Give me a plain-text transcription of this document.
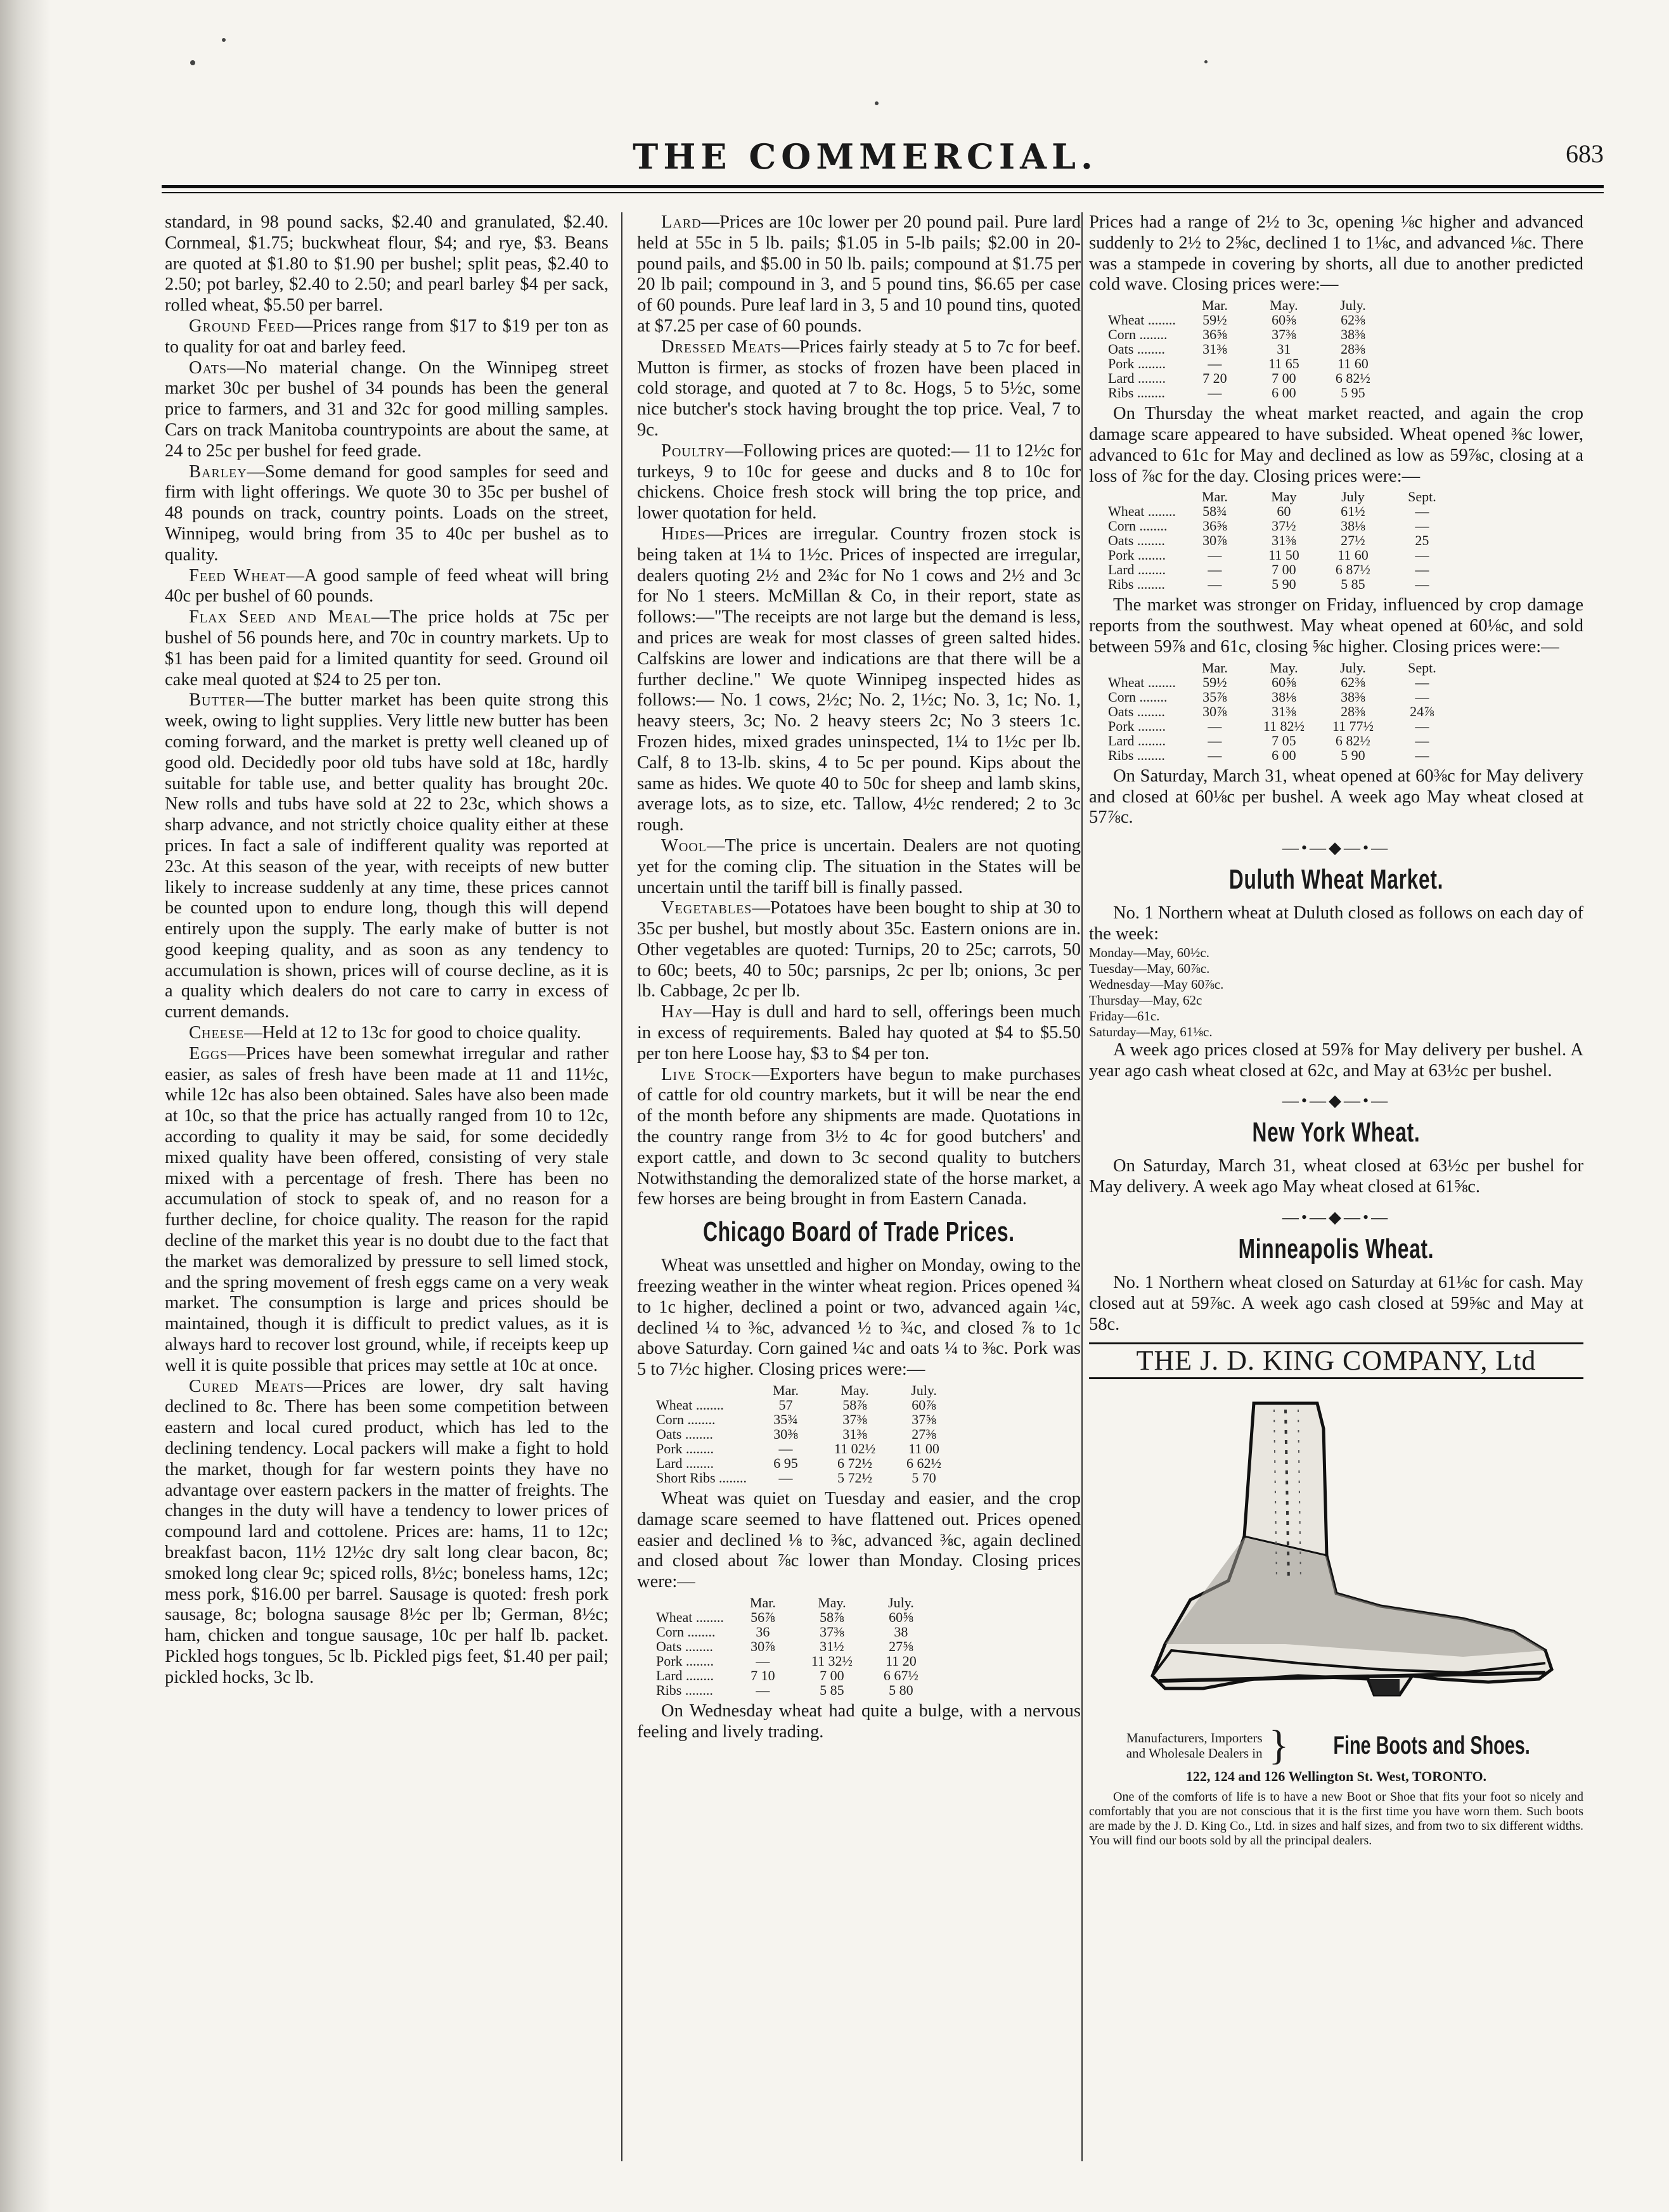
THE COMMERCIAL.	683

standard, in 98 pound sacks, $2.40 and granulated, $2.40. Cornmeal, $1.75; buckwheat flour, $4; and rye, $3. Beans are quoted at $1.80 to $1.90 per bushel; split peas, $2.40 to 2.50; pot barley, $2.40 to 2.50; and pearl barley $4 per sack, rolled wheat, $5.50 per barrel.

Ground Feed—Prices range from $17 to $19 per ton as to quality for oat and barley feed.

Oats—No material change. On the Winnipeg street market 30c per bushel of 34 pounds has been the general price to farmers, and 31 and 32c for good milling samples. Cars on track Manitoba countrypoints are about the same, at 24 to 25c per bushel for feed grade.

Barley—Some demand for good samples for seed and firm with light offerings. We quote 30 to 35c per bushel of 48 pounds on track, country points. Loads on the street, Winnipeg, would bring from 35 to 40c per bushel as to quality.

Feed Wheat—A good sample of feed wheat will bring 40c per bushel of 60 pounds.

Flax Seed and Meal—The price holds at 75c per bushel of 56 pounds here, and 70c in country markets. Up to $1 has been paid for a limited quantity for seed. Ground oil cake meal quoted at $24 to 25 per ton.

Butter—The butter market has been quite strong this week, owing to light supplies. Very little new butter has been coming forward, and the market is pretty well cleaned up of good old. Decidedly poor old tubs have sold at 18c, hardly suitable for table use, and better quality has brought 20c. New rolls and tubs have sold at 22 to 23c, which shows a sharp advance, and not strictly choice quality either at these prices. In fact a sale of indifferent quality was reported at 23c. At this season of the year, with receipts of new butter likely to increase suddenly at any time, these prices cannot be counted upon to endure long, though this will depend entirely upon the supply. The early make of butter is not good keeping quality, and as soon as any tendency to accumulation is shown, prices will of course decline, as it is a quality which dealers do not care to carry in excess of current demands.

Cheese—Held at 12 to 13c for good to choice quality.

Eggs—Prices have been somewhat irregular and rather easier, as sales of fresh have been made at 11 and 11½c, while 12c has also been obtained. Sales have also been made at 10c, so that the price has actually ranged from 10 to 12c, according to quality it may be said, for some decidedly mixed quality have been offered, consisting of very stale mixed with a percentage of fresh. There has been no accumulation of stock to speak of, and no reason for a further decline, for choice quality. The reason for the rapid decline of the market this year is no doubt due to the fact that the market was demoralized by pressure to sell limed stock, and the spring movement of fresh eggs came on a very weak market. The consumption is large and prices should be maintained, though it is difficult to predict values, as it is always hard to recover lost ground, while, if receipts keep up well it is quite possible that prices may settle at 10c at once.

Cured Meats—Prices are lower, dry salt having declined to 8c. There has been some competition between eastern and local cured product, which has led to the declining tendency. Local packers will make a fight to hold the market, though for far western points they have no advantage over eastern packers in the matter of freights. The changes in the duty will have a tendency to lower prices of compound lard and cottolene. Prices are: hams, 11 to 12c; breakfast bacon, 11½ 12½c dry salt long clear bacon, 8c; smoked long clear 9c; spiced rolls, 8½c; boneless hams, 12c; mess pork, $16.00 per barrel. Sausage is quoted: fresh pork sausage, 8c; bologna sausage 8½c per lb; German, 8½c; ham, chicken and tongue sausage, 10c per half lb. packet. Pickled hogs tongues, 5c lb. Pickled pigs feet, $1.40 per pail; pickled hocks, 3c lb.

Lard—Prices are 10c lower per 20 pound pail. Pure lard held at 55c in 5 lb. pails; $1.05 in 5-lb pails; $2.00 in 20-pound pails, and $5.00 in 50 lb. pails; compound at $1.75 per 20 lb pail; compound in 3, and 5 pound tins, $6.65 per case of 60 pounds. Pure leaf lard in 3, 5 and 10 pound tins, quoted at $7.25 per case of 60 pounds.

Dressed Meats—Prices fairly steady at 5 to 7c for beef. Mutton is firmer, as stocks of frozen have been placed in cold storage, and quoted at 7 to 8c. Hogs, 5 to 5½c, some nice butcher's stock having brought the top price. Veal, 7 to 9c.

Poultry—Following prices are quoted:— 11 to 12½c for turkeys, 9 to 10c for geese and ducks and 8 to 10c for chickens. Choice fresh stock will bring the top price, and lower quotation for held.

Hides—Prices are irregular. Country frozen stock is being taken at 1¼ to 1½c. Prices of inspected are irregular, dealers quoting 2½ and 2¾c for No 1 cows and 2½ and 3c for No 1 steers. McMillan & Co, in their report, state as follows:—"The receipts are not large but the demand is less, and prices are weak for most classes of green salted hides. Calfskins are lower and indications are that there will be a further decline." We quote Winnipeg inspected hides as follows:— No. 1 cows, 2½c; No. 2, 1½c; No. 3, 1c; No. 1, heavy steers, 3c; No. 2 heavy steers 2c; No 3 steers 1c. Frozen hides, mixed grades uninspected, 1¼ to 1½c per lb. Calf, 8 to 13-lb. skins, 4 to 5c per pound. Kips about the same as hides. We quote 40 to 50c for sheep and lamb skins, average lots, as to size, etc. Tallow, 4½c rendered; 2 to 3c rough.

Wool—The price is uncertain. Dealers are not quoting yet for the coming clip. The situation in the States will be uncertain until the tariff bill is finally passed.

Vegetables—Potatoes have been bought to ship at 30 to 35c per bushel, but mostly about 35c. Eastern onions are in. Other vegetables are quoted: Turnips, 20 to 25c; carrots, 50 to 60c; beets, 40 to 50c; parsnips, 2c per lb; onions, 3c per lb. Cabbage, 2c per lb.

Hay—Hay is dull and hard to sell, offerings been much in excess of requirements. Baled hay quoted at $4 to $5.50 per ton here Loose hay, $3 to $4 per ton.

Live Stock—Exporters have begun to make purchases of cattle for old country markets, but it will be near the end of the month before any shipments are made. Quotations in the country range from 3½ to 4c for good butchers' and export cattle, and down to 3c second quality to butchers Notwithstanding the demoralized state of the horse market, a few horses are being brought in from Eastern Canada.

Chicago Board of Trade Prices.

Wheat was unsettled and higher on Monday, owing to the freezing weather in the winter wheat region. Prices opened ¾ to 1c higher, declined a point or two, advanced again ¼c, declined ¼ to ⅜c, advanced ½ to ¾c, and closed ⅞ to 1c above Saturday. Corn gained ¼c and oats ¼ to ⅜c. Pork was 5 to 7½c higher. Closing prices were:—

	Mar.	May.	July.
Wheat ........	57	58⅞	60⅞
Corn ........	35¾	37⅜	37⅝
Oats ........	30⅜	31⅜	27⅜
Pork ........	—	11 02½	11 00
Lard ........	6 95	6 72½	6 62½
Short Ribs ........	—	5 72½	5 70

Wheat was quiet on Tuesday and easier, and the crop damage scare seemed to have flattened out. Prices opened easier and declined ⅛ to ⅜c, advanced ⅜c, again declined and closed about ⅞c lower than Monday. Closing prices were:—

	Mar.	May.	July.
Wheat ........	56⅞	58⅞	60⅝
Corn ........	36	37⅜	38
Oats ........	30⅞	31½	27⅝
Pork ........	—	11 32½	11 20
Lard ........	7 10	7 00	6 67½
Ribs ........	—	5 85	5 80

On Wednesday wheat had quite a bulge, with a nervous feeling and lively trading.

Prices had a range of 2½ to 3c, opening ⅛c higher and advanced suddenly to 2½ to 2⅝c, declined 1 to 1⅛c, and advanced ⅛c. There was a stampede in covering by shorts, all due to another predicted cold wave. Closing prices were:—

	Mar.	May.	July.
Wheat ........	59½	60⅝	62⅜
Corn ........	36⅝	37⅜	38⅜
Oats ........	31⅜	31	28⅜
Pork ........	—	11 65	11 60
Lard ........	7 20	7 00	6 82½
Ribs ........	—	6 00	5 95

On Thursday the wheat market reacted, and again the crop damage scare appeared to have subsided. Wheat opened ⅜c lower, advanced to 61c for May and declined as low as 59⅞c, closing at a loss of ⅞c for the day. Closing prices were:—

	Mar.	May	July	Sept.
Wheat ........	58¾	60	61½	—
Corn ........	36⅝	37½	38⅛	—
Oats ........	30⅞	31⅜	27½	25
Pork ........	—	11 50	11 60	—
Lard ........	—	7 00	6 87½	—
Ribs ........	—	5 90	5 85	—

The market was stronger on Friday, influenced by crop damage reports from the southwest. May wheat opened at 60⅛c, and sold between 59⅞ and 61c, closing ⅝c higher. Closing prices were:—

	Mar.	May.	July.	Sept.
Wheat ........	59½	60⅝	62⅜	—
Corn ........	35⅞	38⅛	38⅜	—
Oats ........	30⅞	31⅜	28⅜	24⅞
Pork ........	—	11 82½	11 77½	—
Lard ........	—	7 05	6 82½	—
Ribs ........	—	6 00	5 90	—

On Saturday, March 31, wheat opened at 60⅜c for May delivery and closed at 60⅛c per bushel. A week ago May wheat closed at 57⅞c.

—•—◆—•—
Duluth Wheat Market.

No. 1 Northern wheat at Duluth closed as follows on each day of the week:

Monday—May, 60½c.

Tuesday—May, 60⅞c.

Wednesday—May 60⅞c.

Thursday—May, 62c

Friday—61c.

Saturday—May, 61⅛c.

A week ago prices closed at 59⅞ for May delivery per bushel. A year ago cash wheat closed at 62c, and May at 63½c per bushel.

—•—◆—•—
New York Wheat.

On Saturday, March 31, wheat closed at 63½c per bushel for May delivery. A week ago May wheat closed at 61⅝c.

—•—◆—•—
Minneapolis Wheat.

No. 1 Northern wheat closed on Saturday at 61⅛c for cash. May closed aut at 59⅞c. A week ago cash closed at 59⅝c and May at 58c.

THE J. D. KING COMPANY, Ltd
Manufacturers, Importers and Wholesale Dealers in } Fine Boots and Shoes.
122, 124 and 126 Wellington St. West, TORONTO.

One of the comforts of life is to have a new Boot or Shoe that fits your foot so nicely and comfortably that you are not conscious that it is the first time you have worn them. Such boots are made by the J. D. King Co., Ltd. in sizes and half sizes, and from two to six different widths. You will find our boots sold by all the principal dealers.
